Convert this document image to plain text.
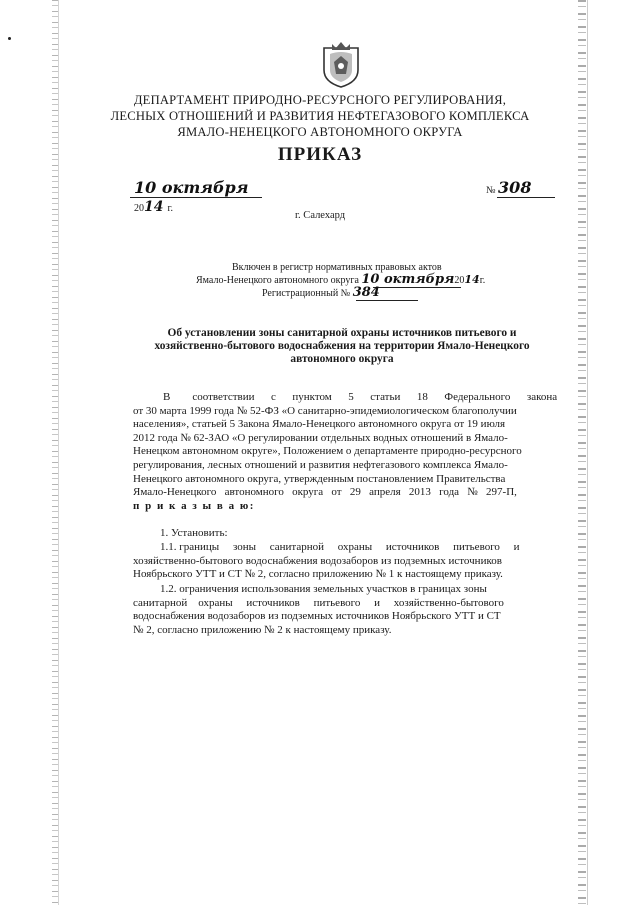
ДЕПАРТАМЕНТ ПРИРОДНО-РЕСУРСНОГО РЕГУЛИРОВАНИЯ,
ЛЕСНЫХ ОТНОШЕНИЙ И РАЗВИТИЯ НЕФТЕГАЗОВОГО КОМПЛЕКСА
ЯМАЛО-НЕНЕЦКОГО АВТОНОМНОГО ОКРУГА
ПРИКАЗ
10 октября 2014 г.
№ 308
г. Салехард
Включен в регистр нормативных правовых актов
Ямало-Ненецкого автономного округа 10 октября2014г.
Регистрационный № 384
Об установлении зоны санитарной охраны источников питьевого и
хозяйственно-бытового водоснабжения на территории Ямало-Ненецкого
автономного округа
В        соответствии      с      пунктом      5      статьи      18      Федерального      закона
от 30 марта 1999 года № 52-ФЗ «О санитарно-эпидемиологическом благополучии
населения», статьей 5 Закона Ямало-Ненецкого автономного округа от 19 июля
2012 года № 62-ЗАО «О регулировании отдельных водных отношений в Ямало-
Ненецком автономном округе», Положением о департаменте природно-ресурсного
регулирования, лесных отношений и развития нефтегазового комплекса Ямало-
Ненецкого автономного округа, утвержденным постановлением Правительства
Ямало-Ненецкого   автономного   округа   от   29   апреля   2013   года   №   297-П,
п р и к а з ы в а ю:
1. Установить:
1.1. границы     зоны     санитарной     охраны     источников     питьевого     и
хозяйственно-бытового водоснабжения водозаборов из подземных источников
Ноябрьского УТТ и СТ № 2, согласно приложению № 1 к настоящему приказу.
1.2. ограничения использования земельных участков в границах зоны
санитарной    охраны     источников     питьевого     и     хозяйственно-бытового
водоснабжения водозаборов из подземных источников Ноябрьского УТТ и СТ
№ 2, согласно приложению № 2 к настоящему приказу.
